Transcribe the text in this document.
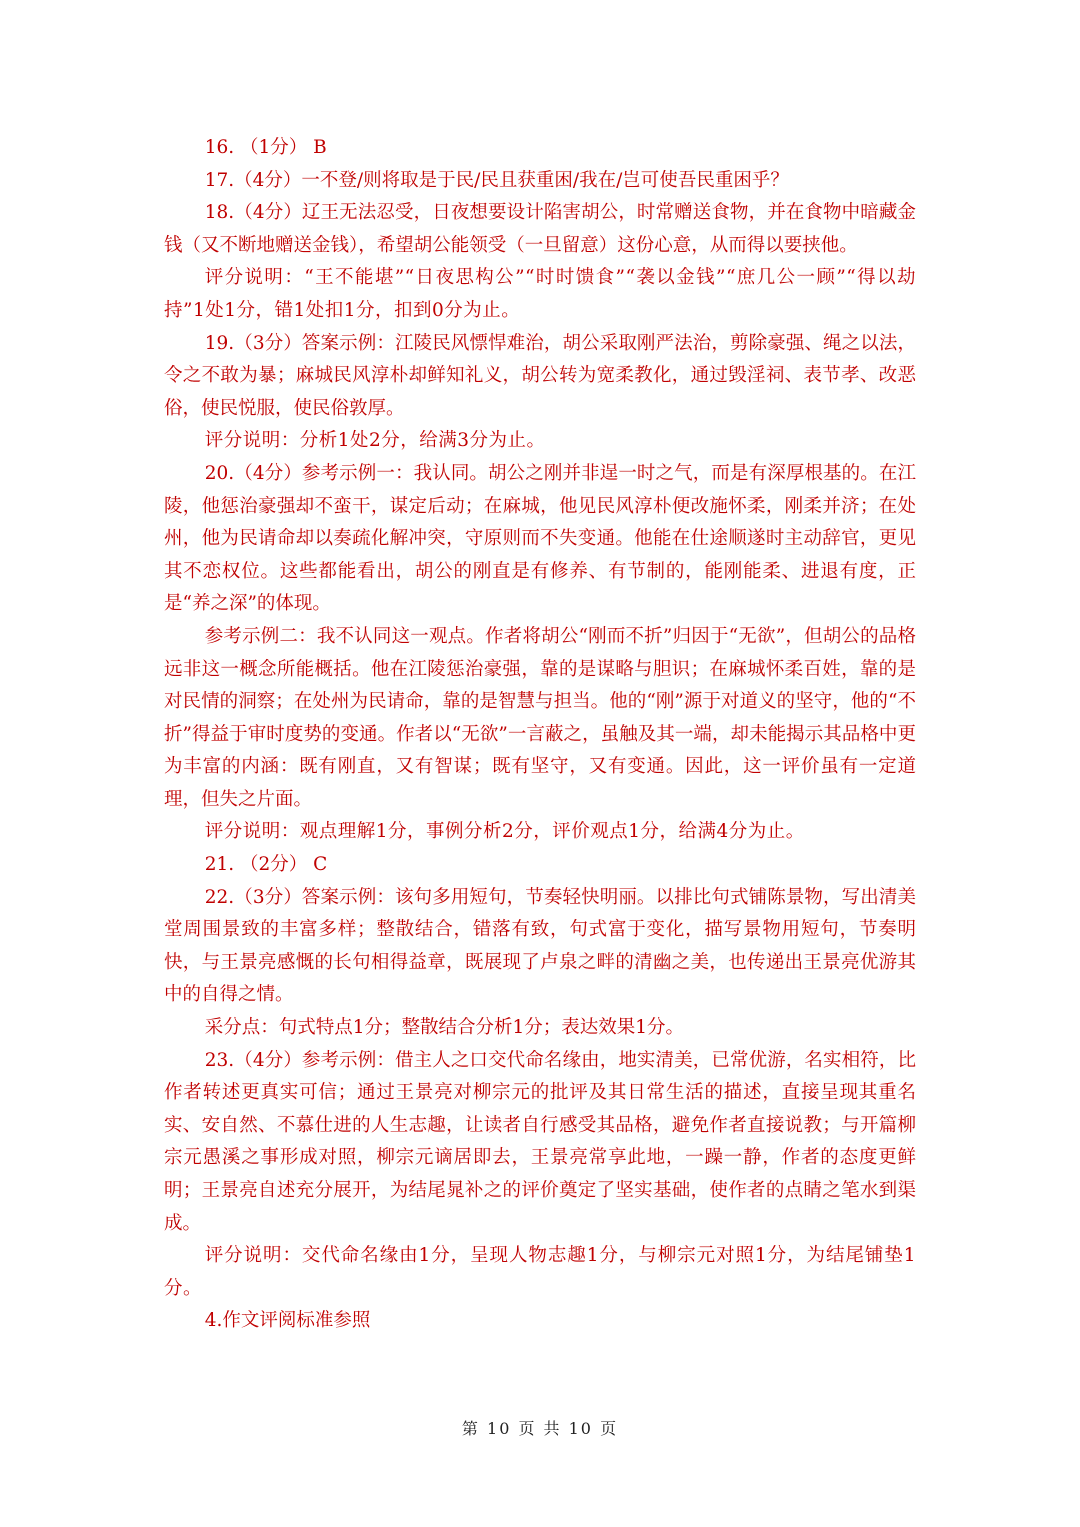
16. （1分） B

17.（4分）一不登/则将取是于民/民且获重困/我在/岂可使吾民重困乎？

18.（4分）辽王无法忍受，日夜想要设计陷害胡公，时常赠送食物，并在食物中暗藏金钱（又不断地赠送金钱），希望胡公能领受（一旦留意）这份心意，从而得以要挟他。

评分说明：“王不能堪”“日夜思构公”“时时馈食”“袭以金钱”“庶几公一顾”“得以劫持”1处1分，错1处扣1分，扣到0分为止。

19.（3分）答案示例：江陵民风慓悍难治，胡公采取刚严法治，剪除豪强、绳之以法，令之不敢为暴；麻城民风淳朴却鲜知礼义，胡公转为宽柔教化，通过毁淫祠、表节孝、改恶俗，使民悦服，使民俗敦厚。

评分说明：分析1处2分，给满3分为止。

20.（4分）参考示例一：我认同。胡公之刚并非逞一时之气，而是有深厚根基的。在江陵，他惩治豪强却不蛮干，谋定后动；在麻城，他见民风淳朴便改施怀柔，刚柔并济；在处州，他为民请命却以奏疏化解冲突，守原则而不失变通。他能在仕途顺遂时主动辞官，更见其不恋权位。这些都能看出，胡公的刚直是有修养、有节制的，能刚能柔、进退有度，正是“养之深”的体现。

参考示例二：我不认同这一观点。作者将胡公“刚而不折”归因于“无欲”，但胡公的品格远非这一概念所能概括。他在江陵惩治豪强，靠的是谋略与胆识；在麻城怀柔百姓，靠的是对民情的洞察；在处州为民请命，靠的是智慧与担当。他的“刚”源于对道义的坚守，他的“不折”得益于审时度势的变通。作者以“无欲”一言蔽之，虽触及其一端，却未能揭示其品格中更为丰富的内涵：既有刚直，又有智谋；既有坚守，又有变通。因此，这一评价虽有一定道理，但失之片面。

评分说明：观点理解1分，事例分析2分，评价观点1分，给满4分为止。

21. （2分） C

22.（3分）答案示例：该句多用短句，节奏轻快明丽。以排比句式铺陈景物，写出清美堂周围景致的丰富多样；整散结合，错落有致，句式富于变化，描写景物用短句，节奏明快，与王景亮感慨的长句相得益章，既展现了卢泉之畔的清幽之美，也传递出王景亮优游其中的自得之情。

采分点：句式特点1分；整散结合分析1分；表达效果1分。

23.（4分）参考示例：借主人之口交代命名缘由，地实清美，已常优游，名实相符，比作者转述更真实可信；通过王景亮对柳宗元的批评及其日常生活的描述，直接呈现其重名实、安自然、不慕仕进的人生志趣，让读者自行感受其品格，避免作者直接说教；与开篇柳宗元愚溪之事形成对照，柳宗元谪居即去，王景亮常享此地，一躁一静，作者的态度更鲜明；王景亮自述充分展开，为结尾晁补之的评价奠定了坚实基础，使作者的点睛之笔水到渠成。

评分说明：交代命名缘由1分，呈现人物志趣1分，与柳宗元对照1分，为结尾铺垫1分。

4.作文评阅标准参照

第 10 页 共 10 页
